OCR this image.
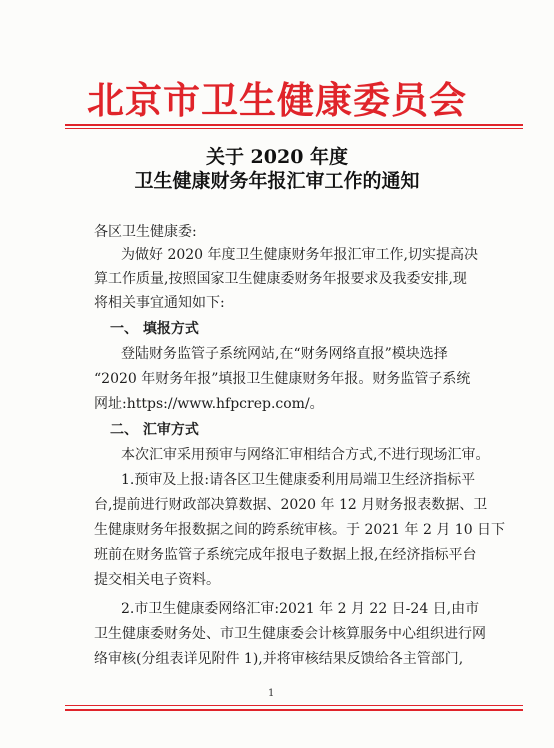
北京市卫生健康委员会
关于 2020 年度
卫生健康财务年报汇审工作的通知
各区卫生健康委:
为做好 2020 年度卫生健康财务年报汇审工作,切实提高决
算工作质量,按照国家卫生健康委财务年报要求及我委安排,现
将相关事宜通知如下:
一、 填报方式
登陆财务监管子系统网站,在“财务网络直报”模块选择
“2020 年财务年报”填报卫生健康财务年报。财务监管子系统
网址:https://www.hfpcrep.com/。
二、 汇审方式
本次汇审采用预审与网络汇审相结合方式,不进行现场汇审。
1.预审及上报:请各区卫生健康委利用局端卫生经济指标平
台,提前进行财政部决算数据、2020 年 12 月财务报表数据、卫
生健康财务年报数据之间的跨系统审核。于 2021 年 2 月 10 日下
班前在财务监管子系统完成年报电子数据上报,在经济指标平台
提交相关电子资料。
2.市卫生健康委网络汇审:2021 年 2 月 22 日-24 日,由市
卫生健康委财务处、市卫生健康委会计核算服务中心组织进行网
络审核(分组表详见附件 1),并将审核结果反馈给各主管部门,
1
